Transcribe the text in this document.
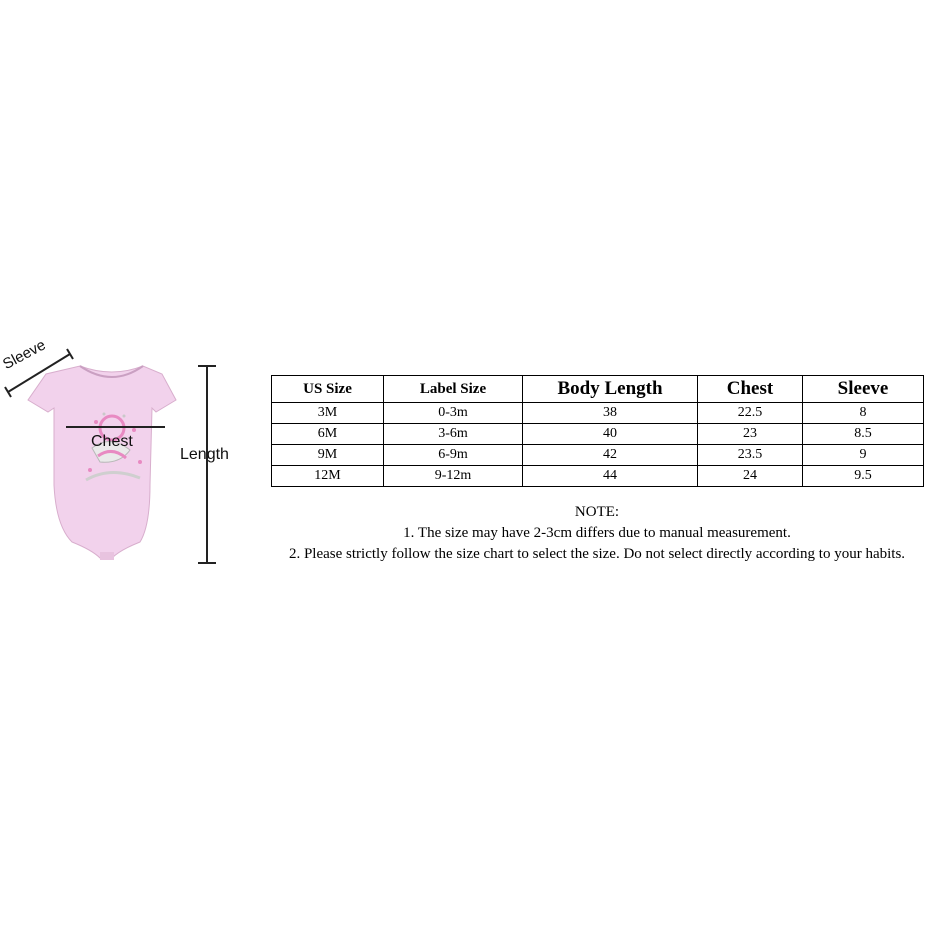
Sleeve
Chest
Length
US Size	Label Size	Body Length	Chest	Sleeve
3M	0-3m	38	22.5	8
6M	3-6m	40	23	8.5
9M	6-9m	42	23.5	9
12M	9-12m	44	24	9.5
NOTE:
1. The size may have 2-3cm differs due to manual measurement.
2. Please strictly follow the size chart to select the size. Do not select directly according to your habits.
